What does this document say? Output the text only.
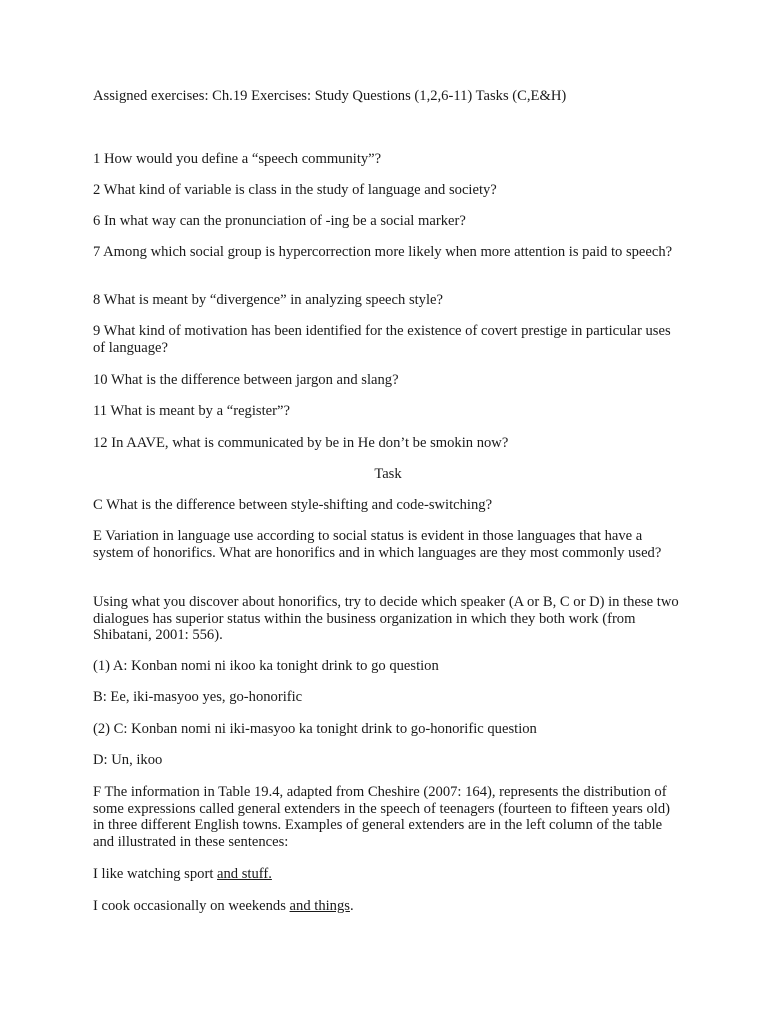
Assigned exercises: Ch.19 Exercises: Study Questions (1,2,6-11) Tasks (C,E&H)

1 How would you define a “speech community”?

2 What kind of variable is class in the study of language and society?

6 In what way can the pronunciation of -ing be a social marker?

7 Among which social group is hypercorrection more likely when more attention is paid to speech?

8 What is meant by “divergence” in analyzing speech style?

9 What kind of motivation has been identified for the existence of covert prestige in particular uses of language?

10 What is the difference between jargon and slang?

11 What is meant by a “register”?

12 In AAVE, what is communicated by be in He don’t be smokin now?

Task

C What is the difference between style-shifting and code-switching?

E Variation in language use according to social status is evident in those languages that have a system of honorifics. What are honorifics and in which languages are they most commonly used?

Using what you discover about honorifics, try to decide which speaker (A or B, C or D) in these two dialogues has superior status within the business organization in which they both work (from Shibatani, 2001: 556).

(1) A: Konban nomi ni ikoo ka tonight drink to go question

B: Ee, iki-masyoo yes, go-honorific

(2) C: Konban nomi ni iki-masyoo ka tonight drink to go-honorific question

D: Un, ikoo

F The information in Table 19.4, adapted from Cheshire (2007: 164), represents the distribution of some expressions called general extenders in the speech of teenagers (fourteen to fifteen years old) in three different English towns. Examples of general extenders are in the left column of the table and illustrated in these sentences:

I like watching sport and stuff.

I cook occasionally on weekends and things.
